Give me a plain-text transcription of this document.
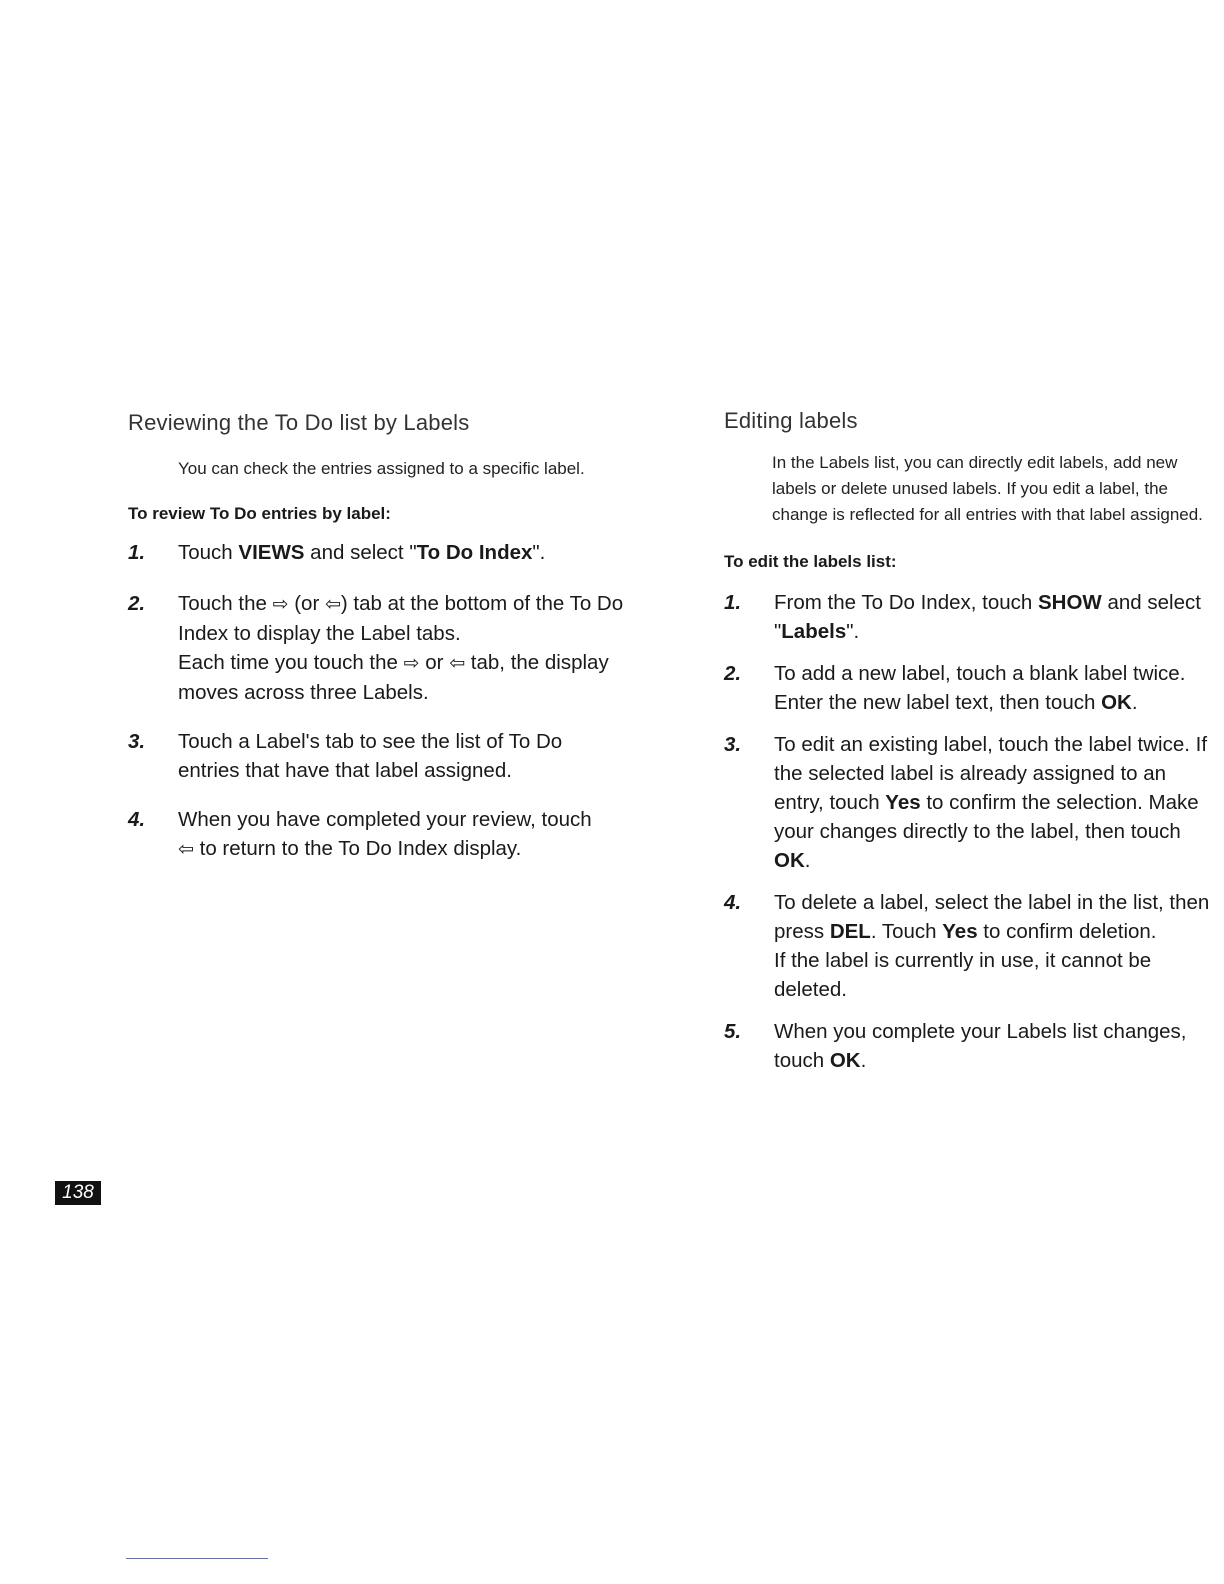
Reviewing the To Do list by Labels

You can check the entries assigned to a specific label.

To review To Do entries by label:

1. Touch VIEWS and select "To Do Index".
2. Touch the ⇨ (or ⇦) tab at the bottom of the To Do Index to display the Label tabs.
Each time you touch the ⇨ or ⇦ tab, the display moves across three Labels.
3. Touch a Label's tab to see the list of To Do entries that have that label assigned.
4. When you have completed your review, touch
⇦ to return to the To Do Index display.
Editing labels

In the Labels list, you can directly edit labels, add new labels or delete unused labels. If you edit a label, the change is reflected for all entries with that label assigned.

To edit the labels list:

1. From the To Do Index, touch SHOW and select "Labels".
2. To add a new label, touch a blank label twice. Enter the new label text, then touch OK.
3. To edit an existing label, touch the label twice. If the selected label is already assigned to an entry, touch Yes to confirm the selection. Make your changes directly to the label, then touch OK.
4. To delete a label, select the label in the list, then press DEL. Touch Yes to confirm deletion.
If the label is currently in use, it cannot be deleted.
5. When you complete your Labels list changes, touch OK.
138
